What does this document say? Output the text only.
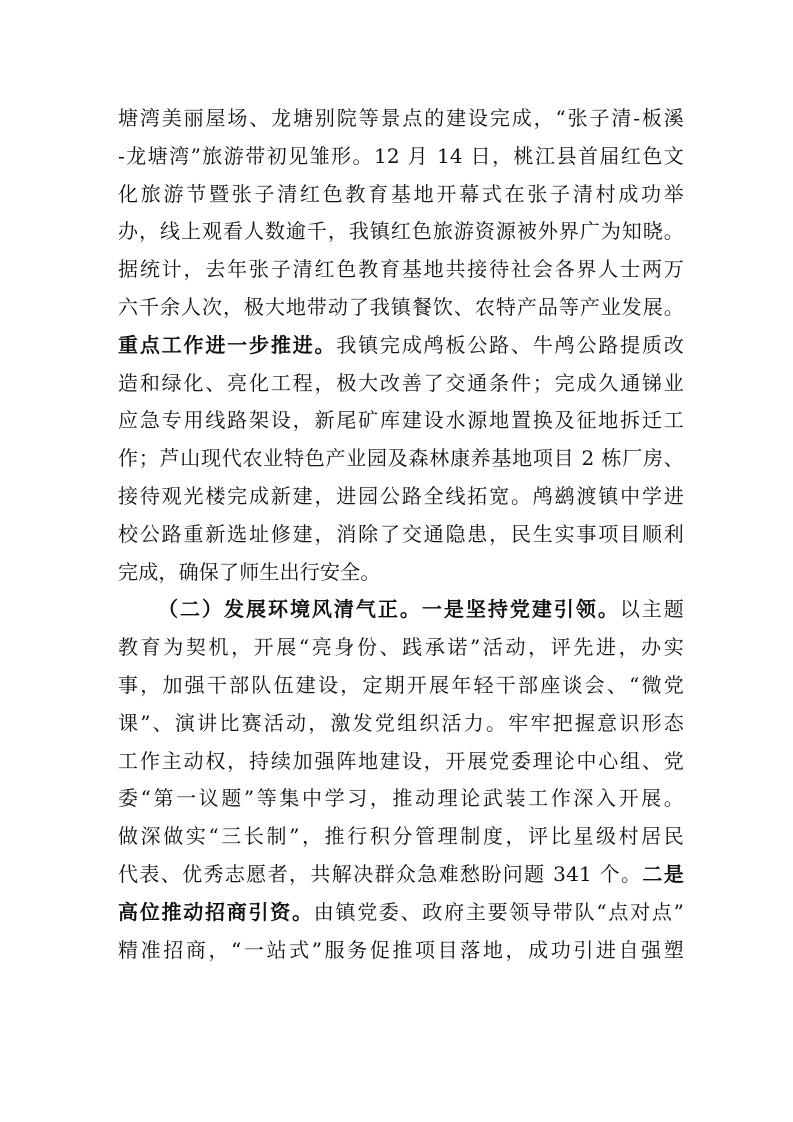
塘湾美丽屋场、龙塘别院等景点的建设完成，“张子清-板溪
-龙塘湾”旅游带初见雏形。12 月 14 日，桃江县首届红色文
化旅游节暨张子清红色教育基地开幕式在张子清村成功举
办，线上观看人数逾千，我镇红色旅游资源被外界广为知晓。
据统计，去年张子清红色教育基地共接待社会各界人士两万
六千余人次，极大地带动了我镇餐饮、农特产品等产业发展。
重点工作进一步推进。我镇完成鸬板公路、牛鸬公路提质改
造和绿化、亮化工程，极大改善了交通条件；完成久通锑业
应急专用线路架设，新尾矿库建设水源地置换及征地拆迁工
作；芦山现代农业特色产业园及森林康养基地项目 2 栋厂房、
接待观光楼完成新建，进园公路全线拓宽。鸬鹚渡镇中学进
校公路重新选址修建，消除了交通隐患，民生实事项目顺利
完成，确保了师生出行安全。
（二）发展环境风清气正。一是坚持党建引领。以主题
教育为契机，开展“亮身份、践承诺”活动，评先进，办实
事，加强干部队伍建设，定期开展年轻干部座谈会、“微党
课”、演讲比赛活动，激发党组织活力。牢牢把握意识形态
工作主动权，持续加强阵地建设，开展党委理论中心组、党
委“第一议题”等集中学习，推动理论武装工作深入开展。
做深做实“三长制”，推行积分管理制度，评比星级村居民
代表、优秀志愿者，共解决群众急难愁盼问题 341 个。二是
高位推动招商引资。由镇党委、政府主要领导带队“点对点”
精准招商，“一站式”服务促推项目落地，成功引进自强塑
